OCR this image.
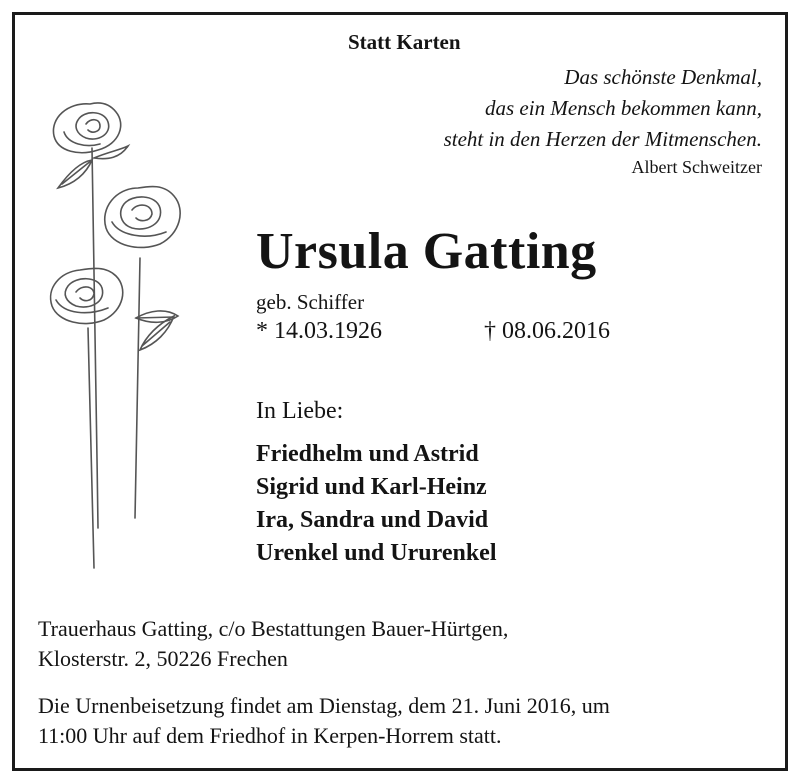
Statt Karten
Das schönste Denkmal,
das ein Mensch bekommen kann,
steht in den Herzen der Mitmenschen.
Albert Schweitzer
Ursula Gatting
geb. Schiffer
* 14.03.1926	† 08.06.2016
In Liebe:
Friedhelm und Astrid
Sigrid und Karl-Heinz
Ira, Sandra und David
Urenkel und Ururenkel
Trauerhaus Gatting, c/o Bestattungen Bauer-Hürtgen,
Klosterstr. 2, 50226 Frechen
Die Urnenbeisetzung findet am Dienstag, dem 21. Juni 2016, um
11:00 Uhr auf dem Friedhof in Kerpen-Horrem statt.
